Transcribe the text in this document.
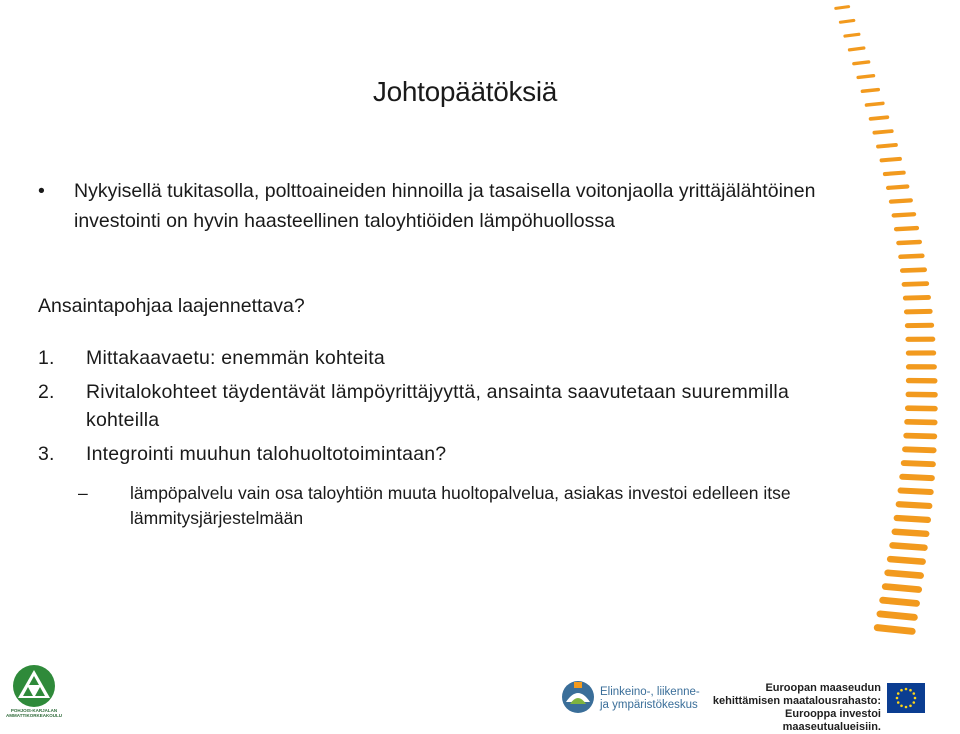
Johtopäätöksiä
• Nykyisellä tukitasolla, polttoaineiden hinnoilla ja tasaisella voitonjaolla yrittäjälähtöinen investointi on hyvin haasteellinen taloyhtiöiden lämpöhuollossa
Ansaintapohjaa laajennettava?
1. Mittakaavaetu: enemmän kohteita
2. Rivitalokohteet täydentävät lämpöyrittäjyyttä, ansainta saavutetaan suuremmilla kohteilla
3. Integrointi muuhun talohuoltotoimintaan?
– lämpöpalvelu vain osa taloyhtiön muuta huoltopalvelua, asiakas investoi edelleen itse lämmitysjärjestelmään
POHJOIS-KARJALAN AMMATTIKORKEAKOULU
Elinkeino-, liikenne- ja ympäristökeskus
Euroopan maaseudun kehittämisen maatalousrahasto: Eurooppa investoi maaseutualueisiin.
